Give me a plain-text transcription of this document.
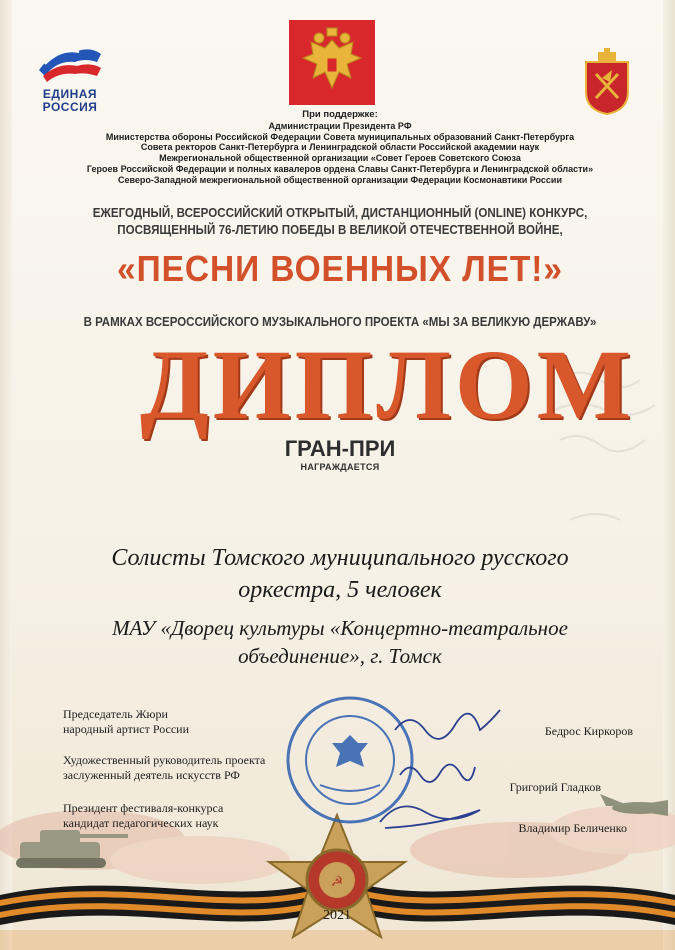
☭
ЕДИНАЯ
РОССИЯ
При поддержке:
Администрации Президента РФ
Министерства обороны Российской Федерации Совета муниципальных образований Санкт-Петербурга
Совета ректоров Санкт-Петербурга и Ленинградской области Российской академии наук
Межрегиональной общественной организации «Совет Героев Советского Союза
Героев Российской Федерации и полных кавалеров ордена Славы Санкт-Петербурга и Ленинградской области»
Северо-Западной межрегиональной общественной организации Федерации Космонавтики России
ЕЖЕГОДНЫЙ, ВСЕРОССИЙСКИЙ ОТКРЫТЫЙ, ДИСТАНЦИОННЫЙ (ONLINE) КОНКУРС,
ПОСВЯЩЕННЫЙ 76-ЛЕТИЮ ПОБЕДЫ В ВЕЛИКОЙ ОТЕЧЕСТВЕННОЙ ВОЙНЕ,
«ПЕСНИ ВОЕННЫХ ЛЕТ!»
В РАМКАХ ВСЕРОССИЙСКОГО МУЗЫКАЛЬНОГО ПРОЕКТА «МЫ ЗА ВЕЛИКУЮ ДЕРЖАВУ»
ДИПЛОМ
ГРАН-ПРИ
НАГРАЖДАЕТСЯ
Солисты Томского муниципального русского
оркестра, 5 человек
МАУ «Дворец культуры «Концертно-театральное
объединение», г. Томск
Председатель Жюри
народный артист России	Бедрос Киркоров
Художественный руководитель проекта
заслуженный деятель искусств РФ
Григорий Гладков
Президент фестиваля-конкурса
кандидат педагогических наук	Владимир Беличенко
2021
